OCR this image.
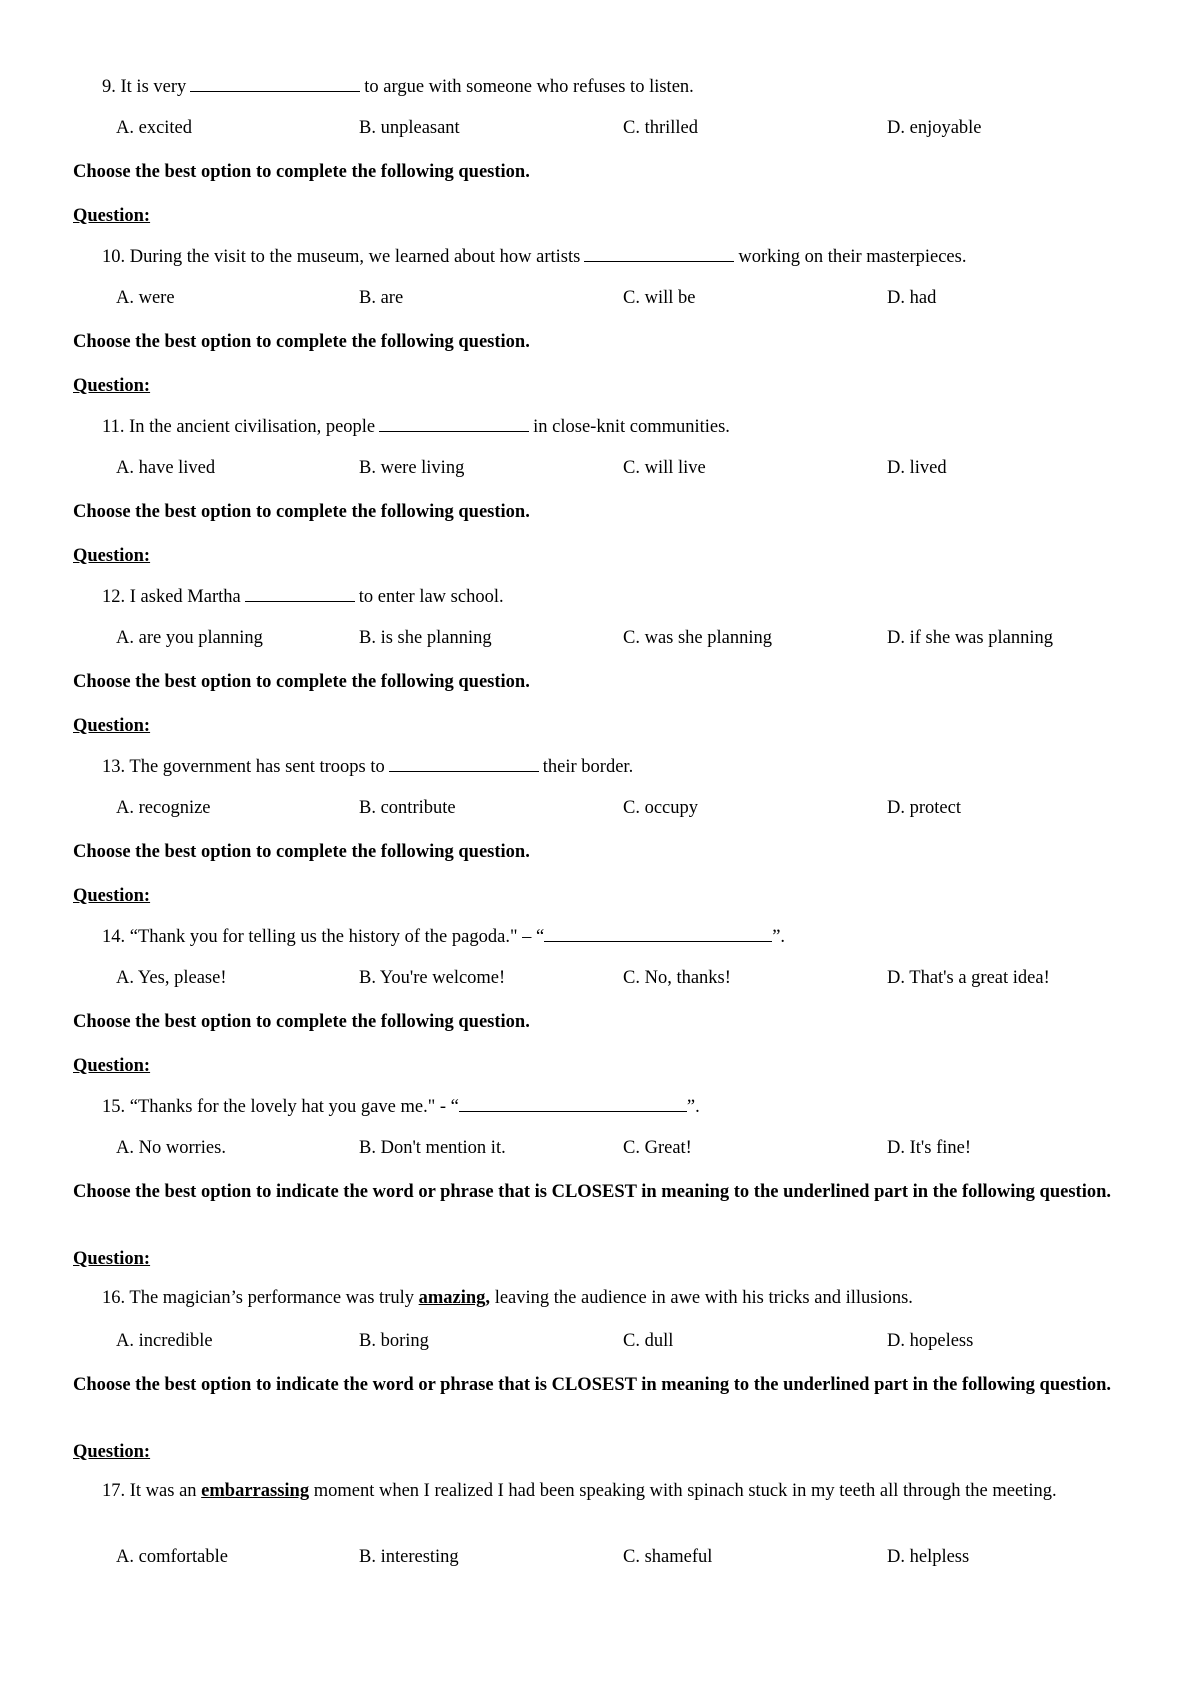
9. It is very	to argue with someone who refuses to listen.
A. excited	B. unpleasant	C. thrilled	D. enjoyable
Choose the best option to complete the following question.
Question:
10. During the visit to the museum, we learned about how artists	working on their masterpieces.
A. were	B. are	C. will be	D. had
Choose the best option to complete the following question.
Question:
11. In the ancient civilisation, people	in close-knit communities.
A. have lived	B. were living	C. will live	D. lived
Choose the best option to complete the following question.
Question:
12. I asked Martha	to enter law school.
A. are you planning	B. is she planning	C. was she planning	D. if she was planning
Choose the best option to complete the following question.
Question:
13. The government has sent troops to	their border.
A. recognize	B. contribute	C. occupy	D. protect
Choose the best option to complete the following question.
Question:
14. “Thank you for telling us the history of the pagoda." – “	”.
A. Yes, please!	B. You're welcome!	C. No, thanks!	D. That's a great idea!
Choose the best option to complete the following question.
Question:
15. “Thanks for the lovely hat you gave me." - “	”.
A. No worries.	B. Don't mention it.	C. Great!	D. It's fine!
Choose the best option to indicate the word or phrase that is CLOSEST in meaning to the underlined part in the following question.
Question:
16. The magician’s performance was truly amazing, leaving the audience in awe with his tricks and illusions.
A. incredible	B. boring	C. dull	D. hopeless
Choose the best option to indicate the word or phrase that is CLOSEST in meaning to the underlined part in the following question.
Question:
17. It was an embarrassing moment when I realized I had been speaking with spinach stuck in my teeth all through the meeting.
A. comfortable	B. interesting	C. shameful	D. helpless
